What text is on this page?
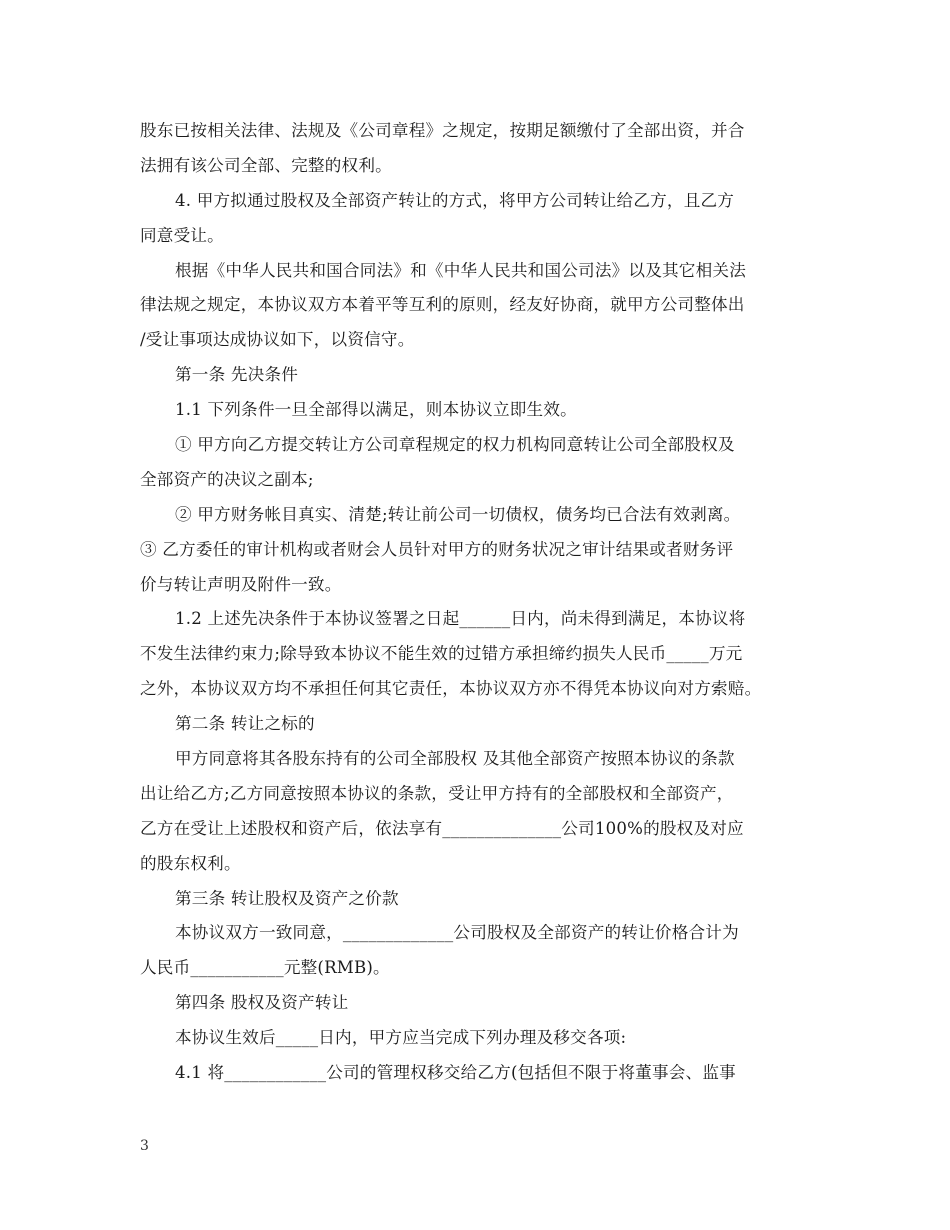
股东已按相关法律、法规及《公司章程》之规定，按期足额缴付了全部出资，并合
法拥有该公司全部、完整的权利。
4. 甲方拟通过股权及全部资产转让的方式，将甲方公司转让给乙方，且乙方
同意受让。
根据《中华人民共和国合同法》和《中华人民共和国公司法》以及其它相关法
律法规之规定，本协议双方本着平等互利的原则，经友好协商，就甲方公司整体出
/受让事项达成协议如下，以资信守。
第一条 先决条件
1.1 下列条件一旦全部得以满足，则本协议立即生效。
① 甲方向乙方提交转让方公司章程规定的权力机构同意转让公司全部股权及
全部资产的决议之副本;
② 甲方财务帐目真实、清楚;转让前公司一切债权，债务均已合法有效剥离。
③ 乙方委任的审计机构或者财会人员针对甲方的财务状况之审计结果或者财务评
价与转让声明及附件一致。
1.2 上述先决条件于本协议签署之日起______日内，尚未得到满足，本协议将
不发生法律约束力;除导致本协议不能生效的过错方承担缔约损失人民币_____万元
之外，本协议双方均不承担任何其它责任，本协议双方亦不得凭本协议向对方索赔。
第二条 转让之标的
甲方同意将其各股东持有的公司全部股权 及其他全部资产按照本协议的条款
出让给乙方;乙方同意按照本协议的条款，受让甲方持有的全部股权和全部资产，
乙方在受让上述股权和资产后，依法享有______________公司100%的股权及对应
的股东权利。
第三条 转让股权及资产之价款
本协议双方一致同意，_____________公司股权及全部资产的转让价格合计为
人民币___________元整(RMB)。
第四条 股权及资产转让
本协议生效后_____日内，甲方应当完成下列办理及移交各项:
4.1 将____________公司的管理权移交给乙方(包括但不限于将董事会、监事
3
